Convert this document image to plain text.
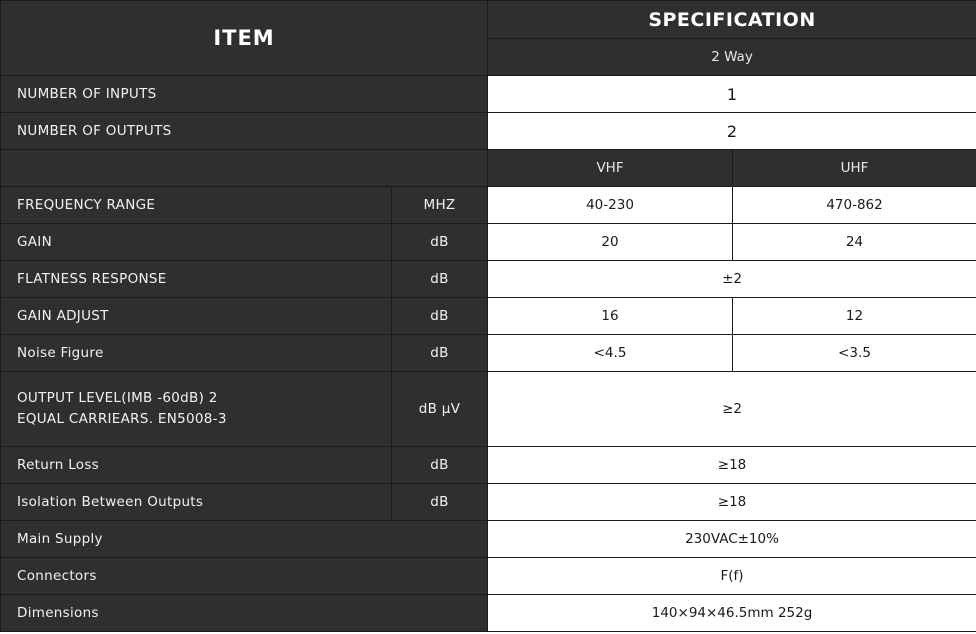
ITEM		SPECIFICATION	
		2 Way	
NUMBER OF INPUTS		1	
NUMBER OF OUTPUTS		2	
		VHF	UHF
FREQUENCY RANGE	MHZ	40-230	470-862
GAIN	dB	20	24
FLATNESS RESPONSE	dB	±2	
GAIN ADJUST	dB	16	12
Noise Figure	dB	<4.5	<3.5

OUTPUT LEVEL(IMB -60dB) 2
EQUAL CARRIEARS. EN5008-3	dB μV	≥2	
Return Loss	dB	≥18	
Isolation Between Outputs	dB	≥18	
Main Supply		230VAC±10%	
Connectors		F(f)	
Dimensions		140×94×46.5mm 252g	
